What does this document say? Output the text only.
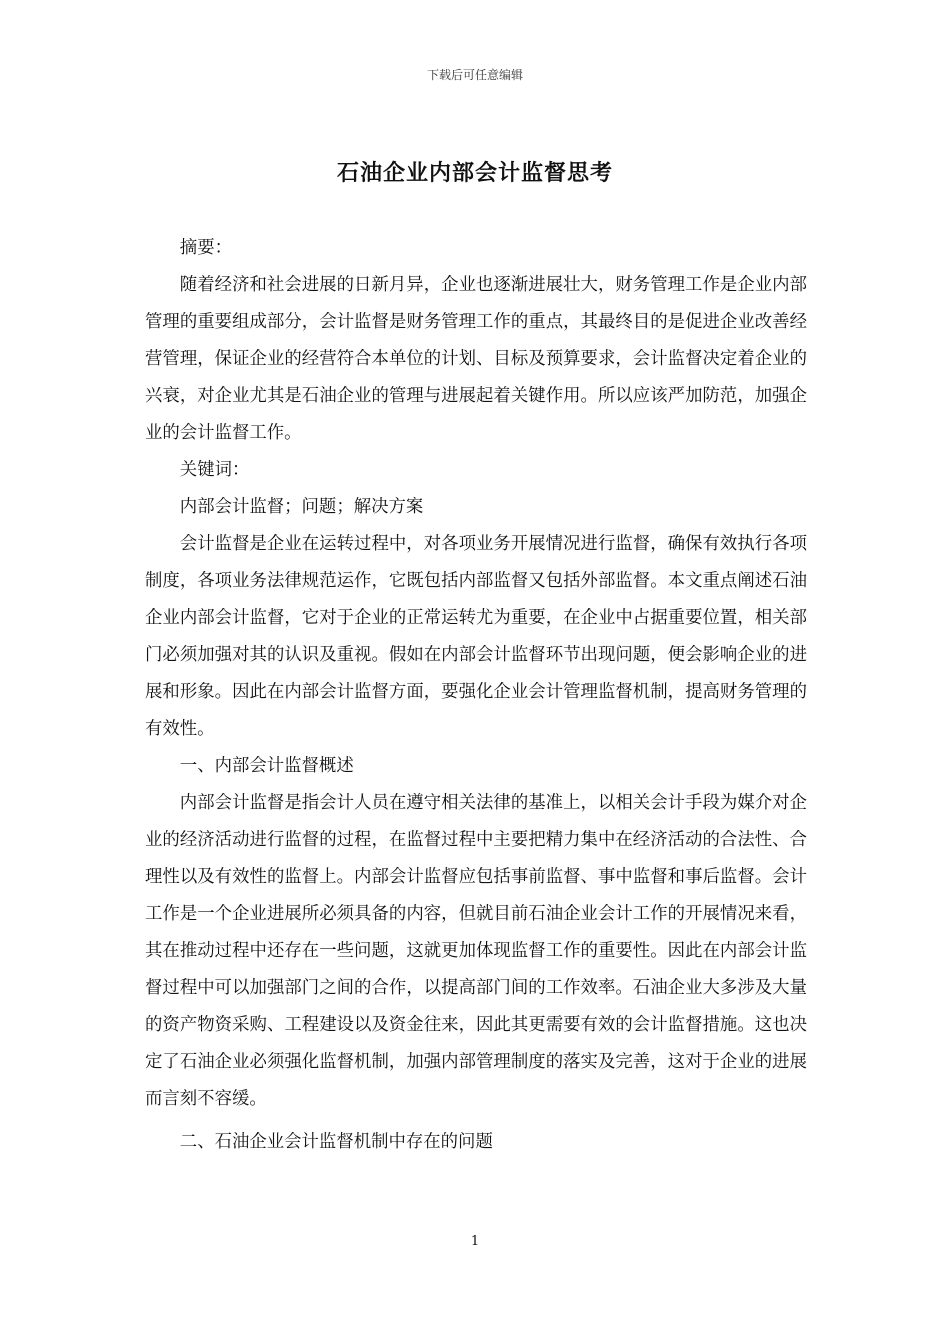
下载后可任意编辑
石油企业内部会计监督思考

摘要：

随着经济和社会进展的日新月异，企业也逐渐进展壮大，财务管理工作是企业内部管理的重要组成部分，会计监督是财务管理工作的重点，其最终目的是促进企业改善经营管理，保证企业的经营符合本单位的计划、目标及预算要求，会计监督决定着企业的兴衰，对企业尤其是石油企业的管理与进展起着关键作用。所以应该严加防范，加强企业的会计监督工作。

关键词：

内部会计监督；问题；解决方案

会计监督是企业在运转过程中，对各项业务开展情况进行监督，确保有效执行各项制度，各项业务法律规范运作，它既包括内部监督又包括外部监督。本文重点阐述石油企业内部会计监督，它对于企业的正常运转尤为重要，在企业中占据重要位置，相关部门必须加强对其的认识及重视。假如在内部会计监督环节出现问题，便会影响企业的进展和形象。因此在内部会计监督方面，要强化企业会计管理监督机制，提高财务管理的有效性。

一、内部会计监督概述

内部会计监督是指会计人员在遵守相关法律的基准上，以相关会计手段为媒介对企业的经济活动进行监督的过程，在监督过程中主要把精力集中在经济活动的合法性、合理性以及有效性的监督上。内部会计监督应包括事前监督、事中监督和事后监督。会计工作是一个企业进展所必须具备的内容，但就目前石油企业会计工作的开展情况来看，其在推动过程中还存在一些问题，这就更加体现监督工作的重要性。因此在内部会计监督过程中可以加强部门之间的合作，以提高部门间的工作效率。石油企业大多涉及大量的资产物资采购、工程建设以及资金往来，因此其更需要有效的会计监督措施。这也决定了石油企业必须强化监督机制，加强内部管理制度的落实及完善，这对于企业的进展而言刻不容缓。

二、石油企业会计监督机制中存在的问题

1
